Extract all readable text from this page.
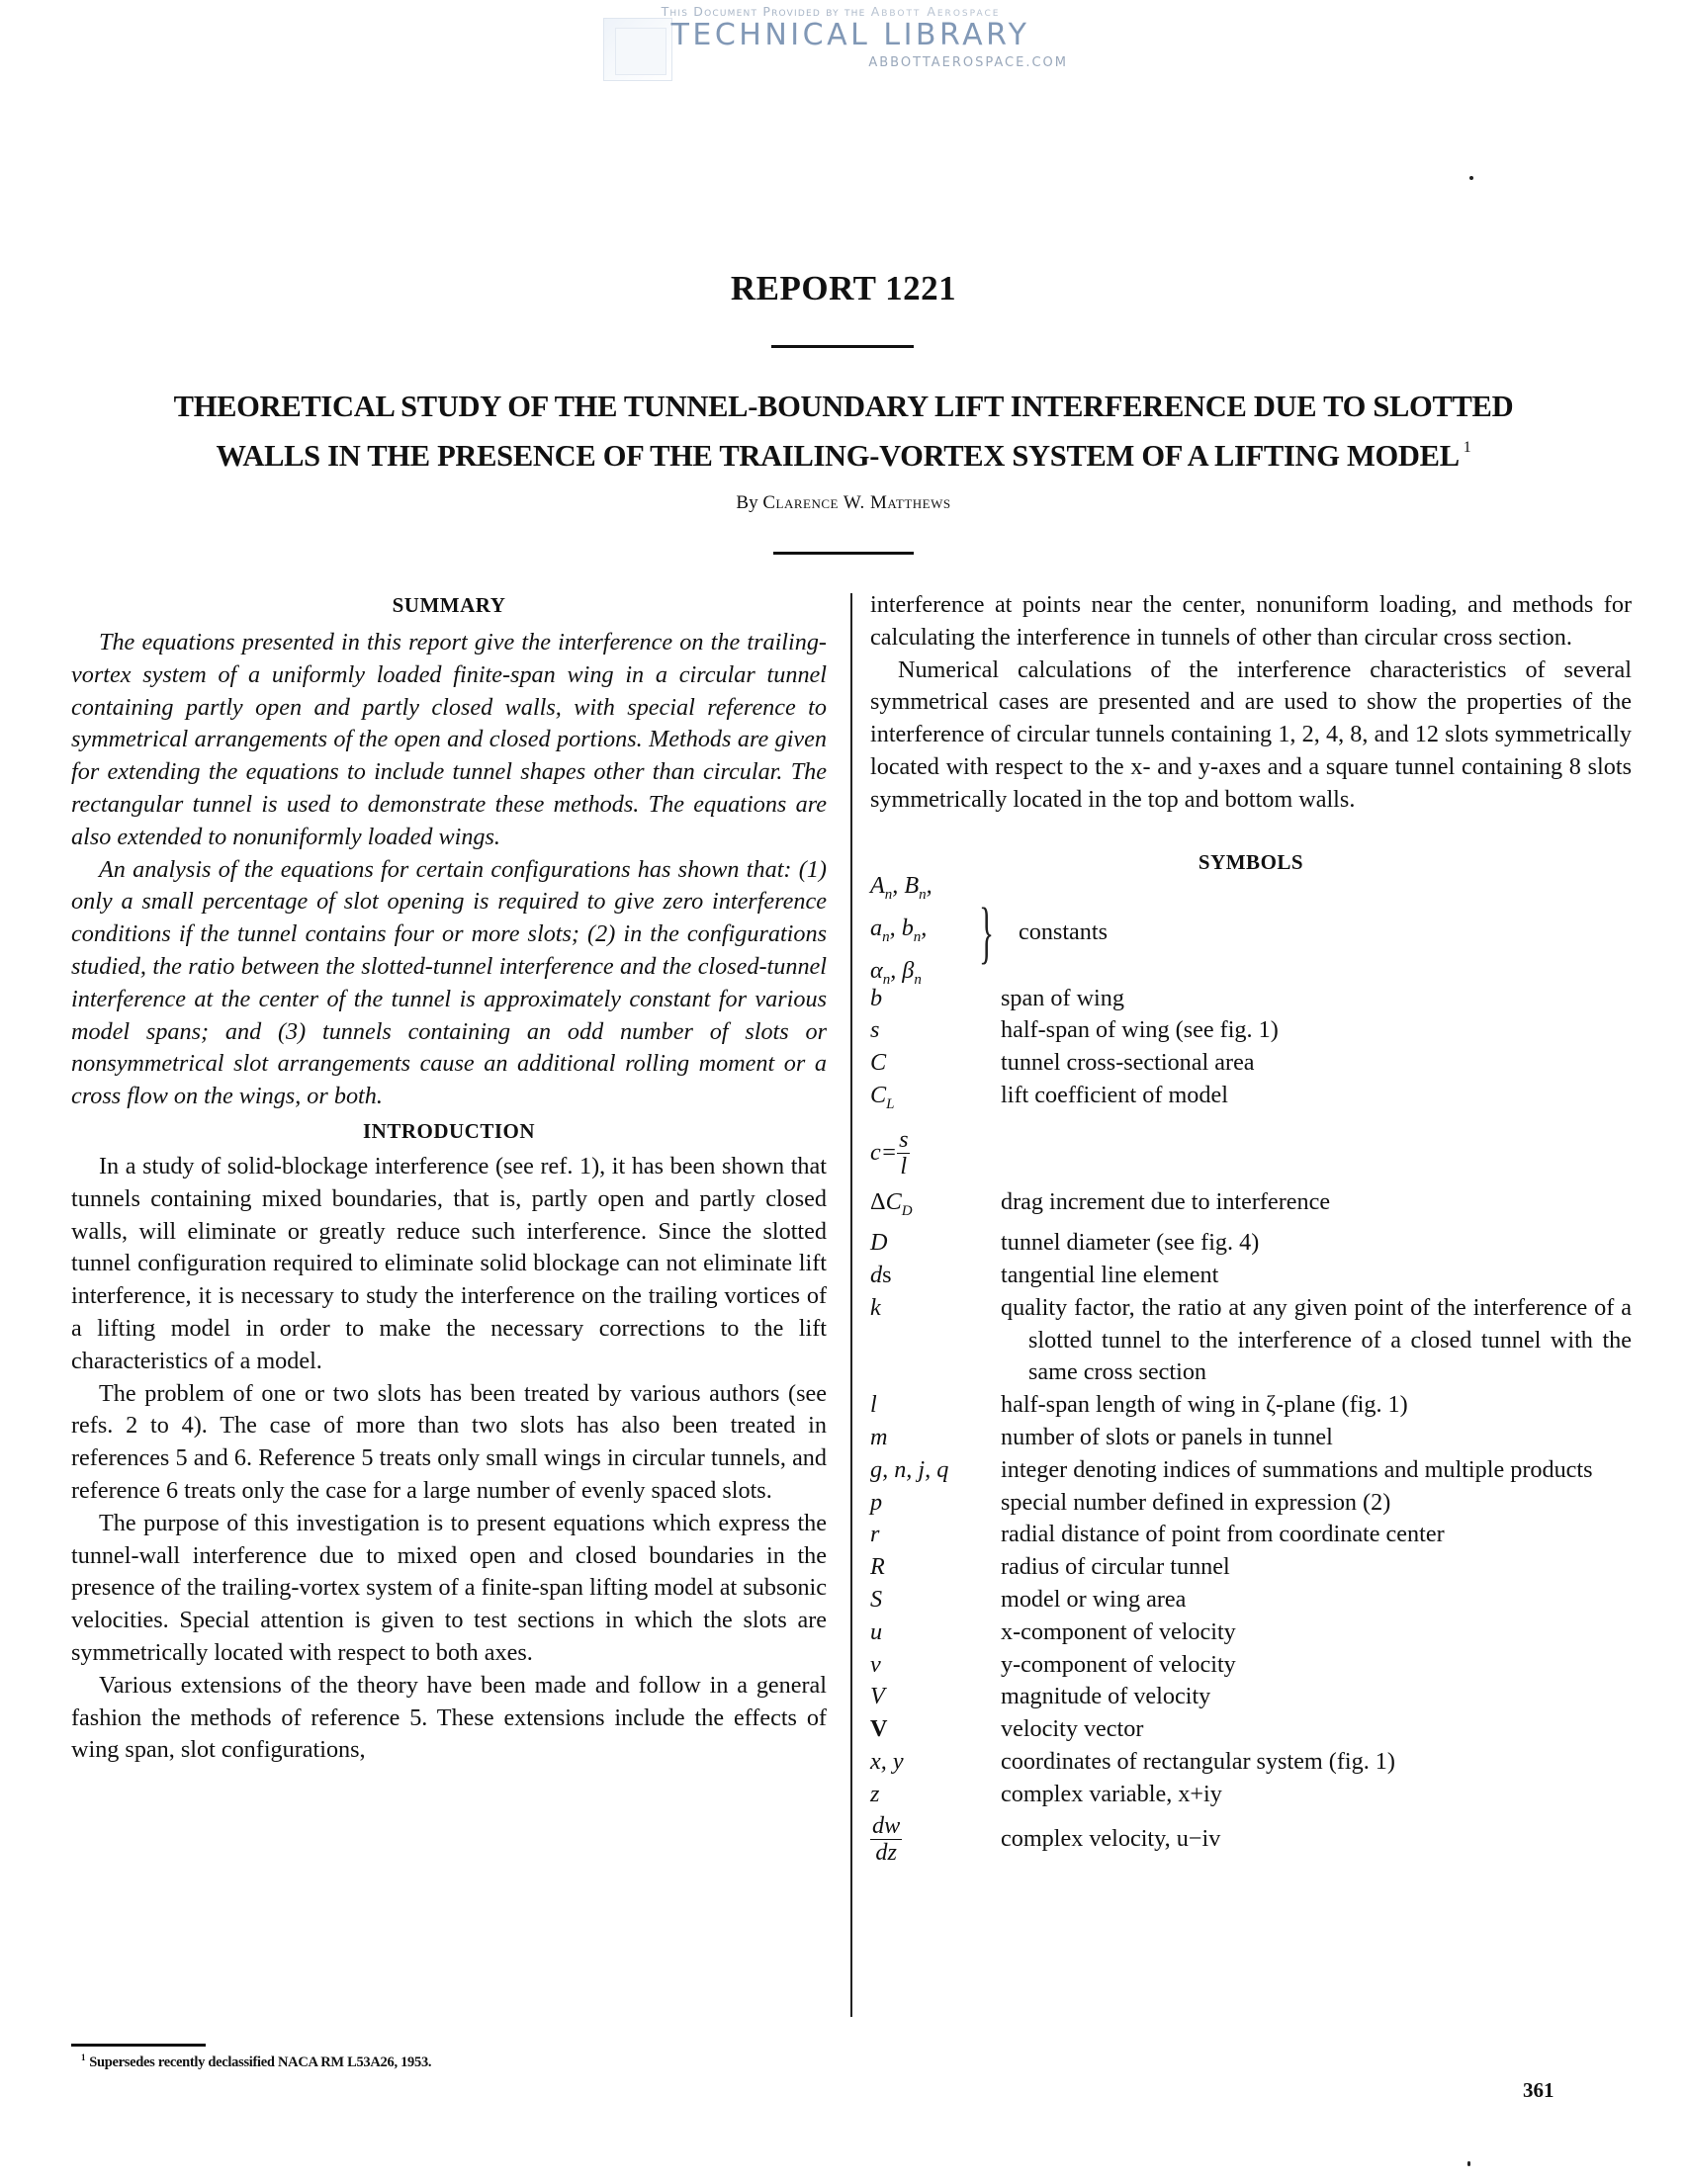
This Document Provided by the Abbott Aerospace
TECHNICAL LIBRARY
ABBOTTAEROSPACE.COM
REPORT 1221
THEORETICAL STUDY OF THE TUNNEL-BOUNDARY LIFT INTERFERENCE DUE TO SLOTTED
WALLS IN THE PRESENCE OF THE TRAILING-VORTEX SYSTEM OF A LIFTING MODEL $^1$
By Clarence W. Matthews
SUMMARY

The equations presented in this report give the interference on the trailing-vortex system of a uniformly loaded finite-span wing in a circular tunnel containing partly open and partly closed walls, with special reference to symmetrical arrangements of the open and closed portions. Methods are given for extending the equations to include tunnel shapes other than circular. The rectangular tunnel is used to demonstrate these methods. The equations are also extended to nonuniformly loaded wings.

An analysis of the equations for certain configurations has shown that: (1) only a small percentage of slot opening is required to give zero interference conditions if the tunnel contains four or more slots; (2) in the configurations studied, the ratio between the slotted-tunnel interference and the closed-tunnel interference at the center of the tunnel is approximately constant for various model spans; and (3) tunnels containing an odd number of slots or nonsymmetrical slot arrangements cause an additional rolling moment or a cross flow on the wings, or both.

INTRODUCTION

In a study of solid-blockage interference (see ref. 1), it has been shown that tunnels containing mixed boundaries, that is, partly open and partly closed walls, will eliminate or greatly reduce such interference. Since the slotted tunnel configuration required to eliminate solid blockage can not eliminate lift interference, it is necessary to study the interference on the trailing vortices of a lifting model in order to make the necessary corrections to the lift characteristics of a model.

The problem of one or two slots has been treated by various authors (see refs. 2 to 4). The case of more than two slots has also been treated in references 5 and 6. Reference 5 treats only small wings in circular tunnels, and reference 6 treats only the case for a large number of evenly spaced slots.

The purpose of this investigation is to present equations which express the tunnel-wall interference due to mixed open and closed boundaries in the presence of the trailing-vortex system of a finite-span lifting model at subsonic velocities. Special attention is given to test sections in which the slots are symmetrically located with respect to both axes.

Various extensions of the theory have been made and follow in a general fashion the methods of reference 5. These extensions include the effects of wing span, slot configurations,

interference at points near the center, nonuniform loading, and methods for calculating the interference in tunnels of other than circular cross section.

Numerical calculations of the interference characteristics of several symmetrical cases are presented and are used to show the properties of the interference of circular tunnels containing 1, 2, 4, 8, and 12 slots symmetrically located with respect to the x- and y-axes and a square tunnel containing 8 slots symmetrically located in the top and bottom walls.

SYMBOLS
$A_n$, $B_n$,
$a_n$, $b_n$,
$\alpha_n$, $\beta_n$
} constants
b	span of wing
s	half-span of wing (see fig. 1)
C	tunnel cross-sectional area
$C_L$	lift coefficient of model
$c= \frac{s}{l}$
$\Delta C_D$	drag increment due to interference
D	tunnel diameter (see fig. 4)
ds	tangential line element
k	quality factor, the ratio at any given point of the interference of a slotted tunnel to the interference of a closed tunnel with the same cross section
l	half-span length of wing in ζ-plane (fig. 1)
m	number of slots or panels in tunnel
g, n, j, q	integer denoting indices of summations and multiple products
p	special number defined in expression (2)
r	radial distance of point from coordinate center
R	radius of circular tunnel
S	model or wing area
u	x-component of velocity
v	y-component of velocity
V	magnitude of velocity
V	velocity vector
x, y	coordinates of rectangular system (fig. 1)
z	complex variable, x+iy
$\frac{dw}{dz}$	complex velocity, u−iv
$^1$ Supersedes recently declassified NACA RM L53A26, 1953.
361
